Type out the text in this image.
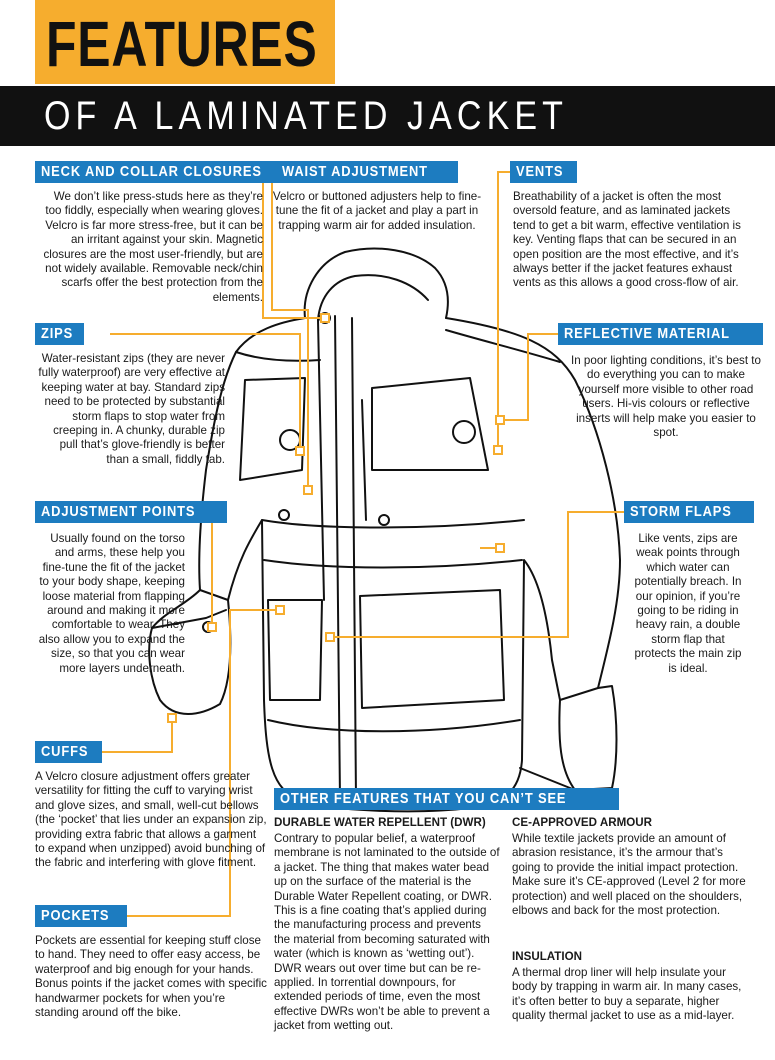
FEATURES
OF A LAMINATED JACKET
NECK AND COLLAR CLOSURES
We don’t like press-studs here as they’re too fiddly, especially when wearing gloves. Velcro is far more stress-free, but it can be an irritant against your skin. Magnetic closures are the most user-friendly, but are not widely available. Removable neck/chin scarfs offer the best protection from the elements.
WAIST ADJUSTMENT
Velcro or buttoned adjusters help to fine-tune the fit of a jacket and play a part in trapping warm air for added insulation.
VENTS
Breathability of a jacket is often the most oversold feature, and as laminated jackets tend to get a bit warm, effective ventilation is key. Venting flaps that can be secured in an open position are the most effective, and it’s always better if the jacket features exhaust vents as this allows a good cross-flow of air.
ZIPS
Water-resistant zips (they are never fully waterproof) are very effective at keeping water at bay. Standard zips need to be protected by substantial storm flaps to stop water from creeping in. A chunky, durable zip pull that’s glove-friendly is better than a small, fiddly tab.
REFLECTIVE MATERIAL
In poor lighting conditions, it’s best to do everything you can to make yourself more visible to other road users. Hi-vis colours or reflective inserts will help make you easier to spot.
ADJUSTMENT POINTS
Usually found on the torso and arms, these help you fine-tune the fit of the jacket to your body shape, keeping loose material from flapping around and making it more comfortable to wear. They also allow you to expand the size, so that you can wear more layers underneath.
STORM FLAPS
Like vents, zips are weak points through which water can potentially breach. In our opinion, if you’re going to be riding in heavy rain, a double storm flap that protects the main zip is ideal.
CUFFS
A Velcro closure adjustment offers greater versatility for fitting the cuff to varying wrist and glove sizes, and small, well-cut bellows (the ‘pocket’ that lies under an expansion zip, providing extra fabric that allows a garment to expand when unzipped) avoid bunching of the fabric and interfering with glove fitment.
POCKETS
Pockets are essential for keeping stuff close to hand. They need to offer easy access, be waterproof and big enough for your hands. Bonus points if the jacket comes with specific handwarmer pockets for when you’re standing around off the bike.
OTHER FEATURES THAT YOU CAN’T SEE
DURABLE WATER REPELLENT (DWR)
Contrary to popular belief, a waterproof membrane is not laminated to the outside of a jacket. The thing that makes water bead up on the surface of the material is the Durable Water Repellent coating, or DWR. This is a fine coating that’s applied during the manufacturing process and prevents the material from becoming saturated with water (which is known as ‘wetting out’). DWR wears out over time but can be re-applied. In torrential downpours, for extended periods of time, even the most effective DWRs won’t be able to prevent a jacket from wetting out.
CE-APPROVED ARMOUR
While textile jackets provide an amount of abrasion resistance, it’s the armour that’s going to provide the initial impact protection. Make sure it’s CE-approved (Level 2 for more protection) and well placed on the shoulders, elbows and back for the most protection.
INSULATION
A thermal drop liner will help insulate your body by trapping in warm air. In many cases, it’s often better to buy a separate, higher quality thermal jacket to use as a mid-layer.
